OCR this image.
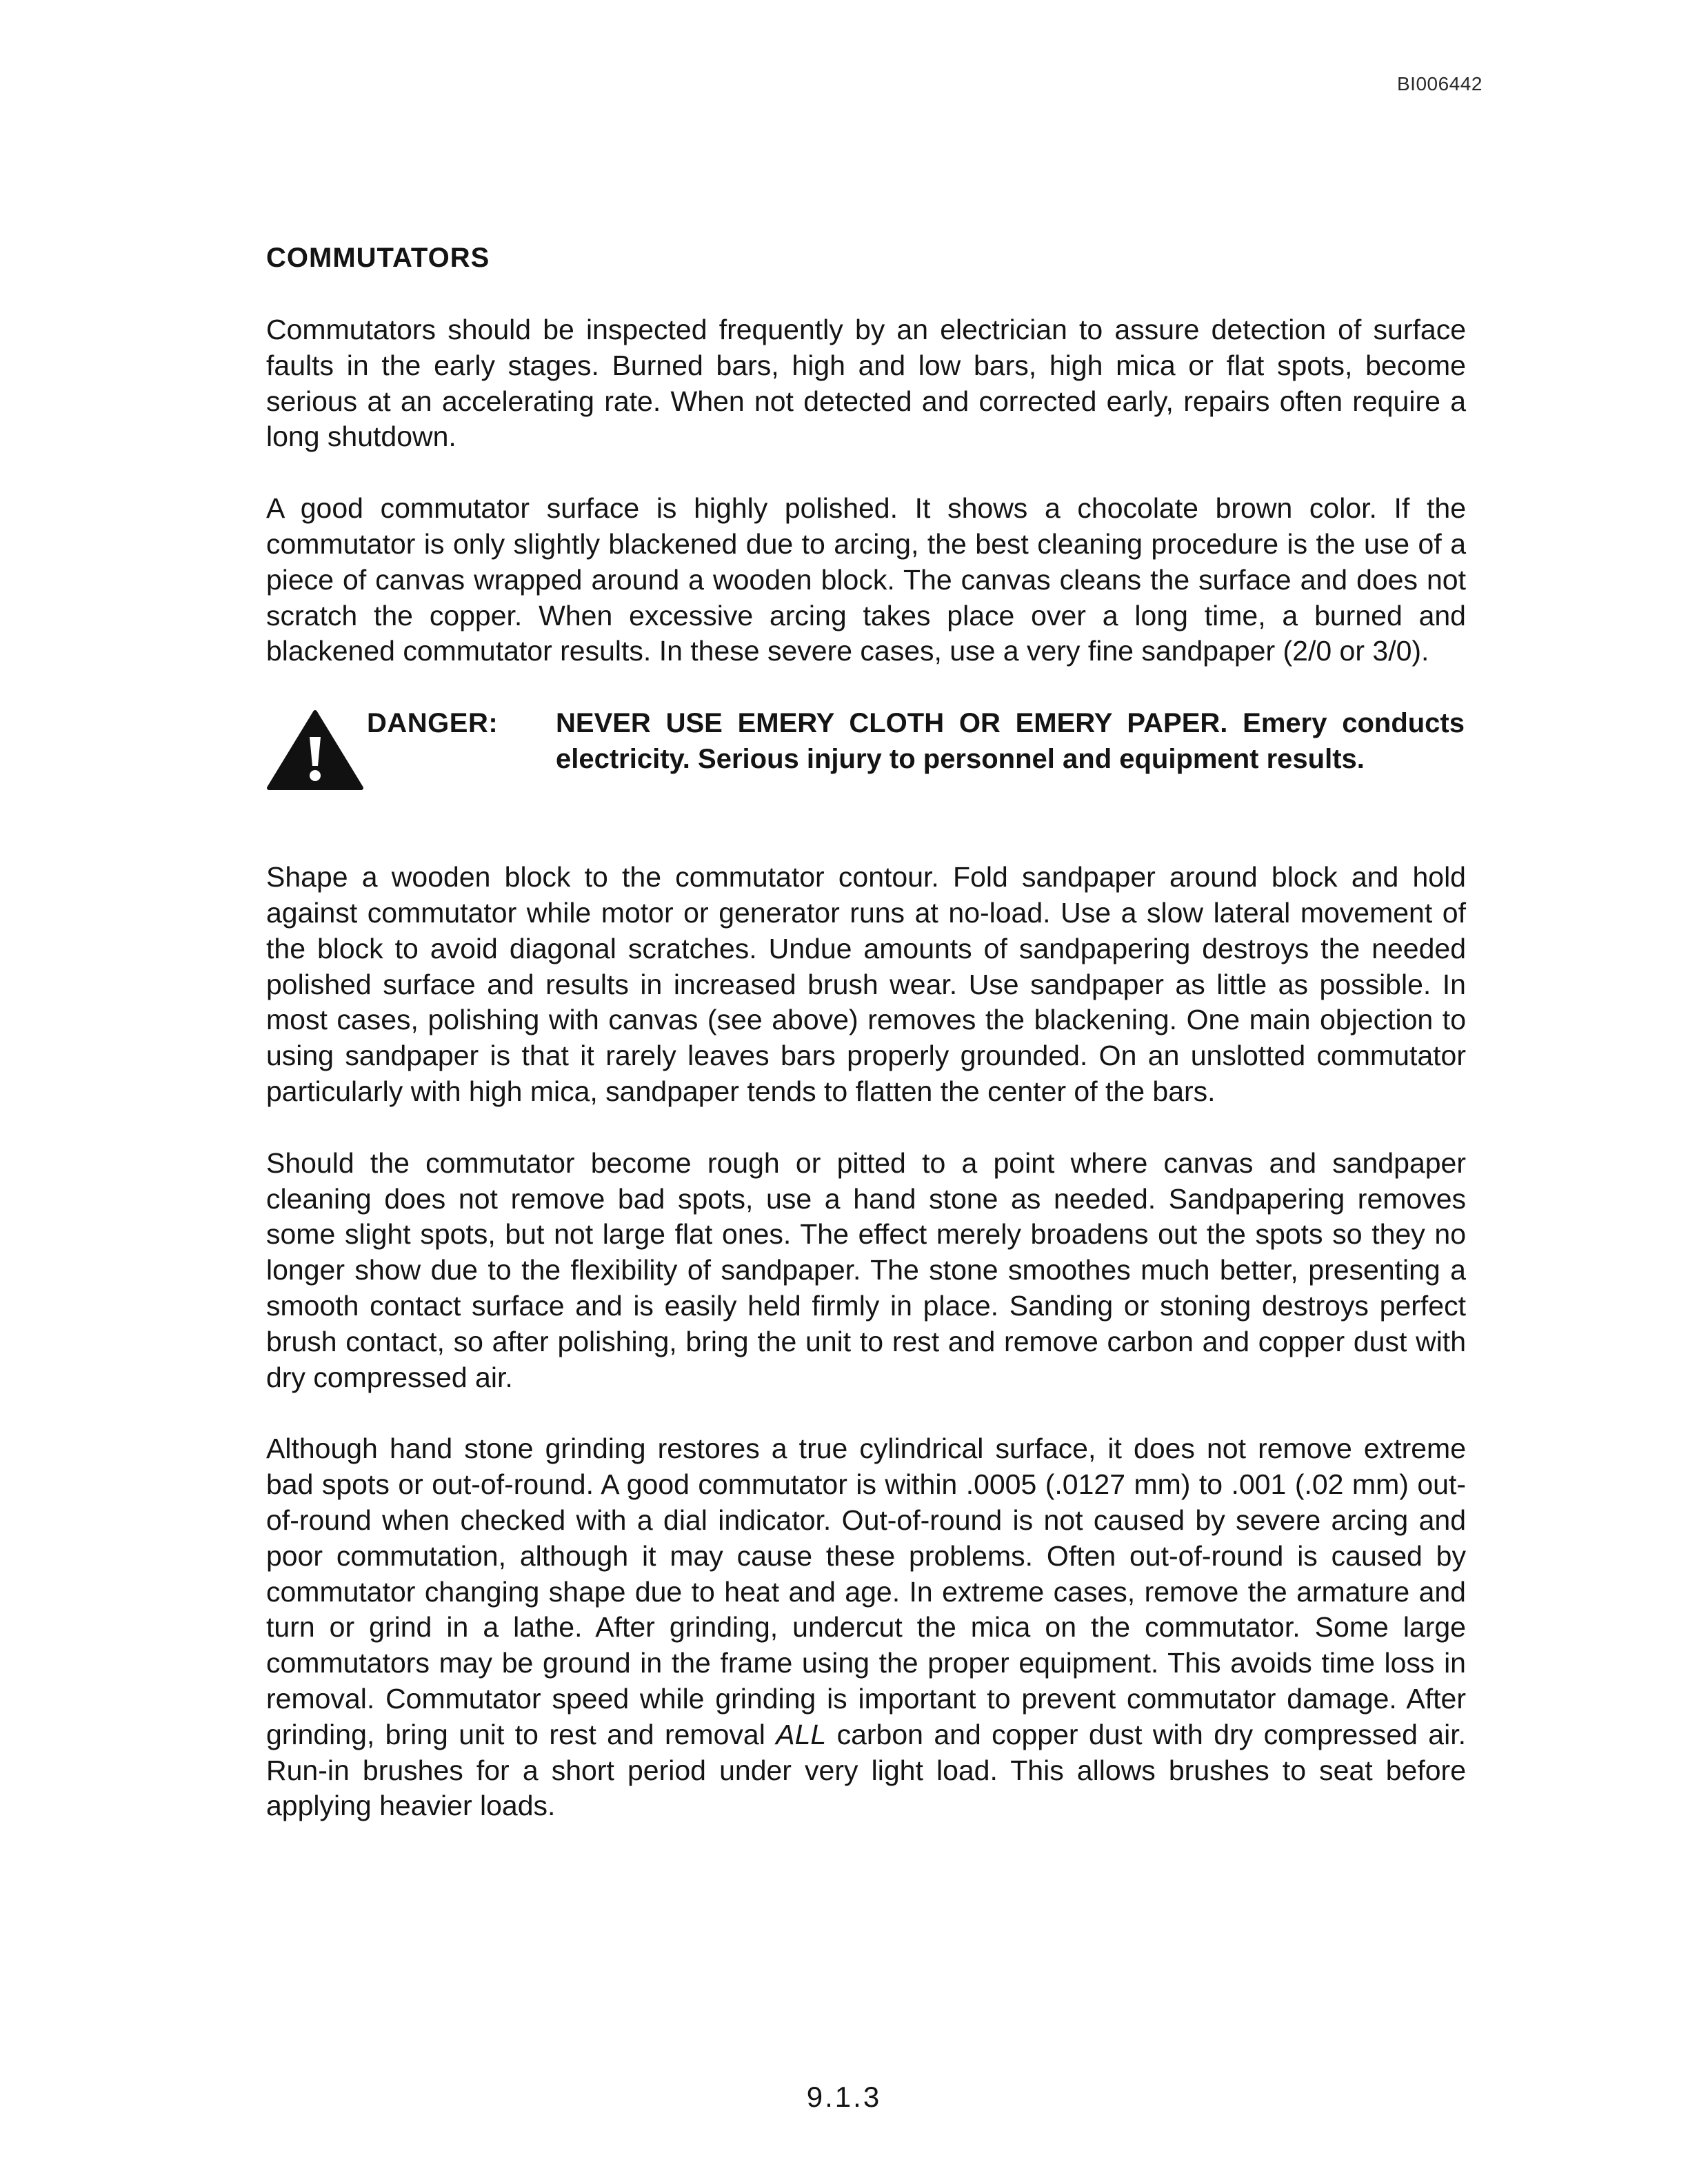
BI006442
COMMUTATORS

Commutators should be inspected frequently by an electrician to assure detection of surface faults in the early stages. Burned bars, high and low bars, high mica or flat spots, become serious at an accelerating rate. When not detected and corrected early, repairs often require a long shutdown.

A good commutator surface is highly polished. It shows a chocolate brown color. If the commutator is only slightly blackened due to arcing, the best cleaning procedure is the use of a piece of canvas wrapped around a wooden block. The canvas cleans the surface and does not scratch the copper. When excessive arcing takes place over a long time, a burned and blackened commutator results. In these severe cases, use a very fine sandpaper (2/0 or 3/0).

DANGER: NEVER USE EMERY CLOTH OR EMERY PAPER. Emery conducts electricity. Serious injury to personnel and equipment results.

Shape a wooden block to the commutator contour. Fold sandpaper around block and hold against commutator while motor or generator runs at no-load. Use a slow lateral movement of the block to avoid diagonal scratches. Undue amounts of sandpapering destroys the needed polished surface and results in increased brush wear. Use sandpaper as little as possible. In most cases, polishing with canvas (see above) removes the blackening. One main objection to using sandpaper is that it rarely leaves bars properly grounded. On an unslotted commutator particularly with high mica, sandpaper tends to flatten the center of the bars.

Should the commutator become rough or pitted to a point where canvas and sandpaper cleaning does not remove bad spots, use a hand stone as needed. Sandpapering removes some slight spots, but not large flat ones. The effect merely broadens out the spots so they no longer show due to the flexibility of sandpaper. The stone smoothes much better, presenting a smooth contact surface and is easily held firmly in place. Sanding or stoning destroys perfect brush contact, so after polishing, bring the unit to rest and remove carbon and copper dust with dry compressed air.

Although hand stone grinding restores a true cylindrical surface, it does not remove extreme bad spots or out-of-round. A good commutator is within .0005 (.0127 mm) to .001 (.02 mm) out-of-round when checked with a dial indicator. Out-of-round is not caused by severe arcing and poor commutation, although it may cause these problems. Often out-of-round is caused by commutator changing shape due to heat and age. In extreme cases, remove the armature and turn or grind in a lathe. After grinding, undercut the mica on the commutator. Some large commutators may be ground in the frame using the proper equipment. This avoids time loss in removal. Commutator speed while grinding is important to prevent commutator damage. After grinding, bring unit to rest and removal ALL carbon and copper dust with dry compressed air. Run-in brushes for a short period under very light load. This allows brushes to seat before applying heavier loads.

9.1.3
